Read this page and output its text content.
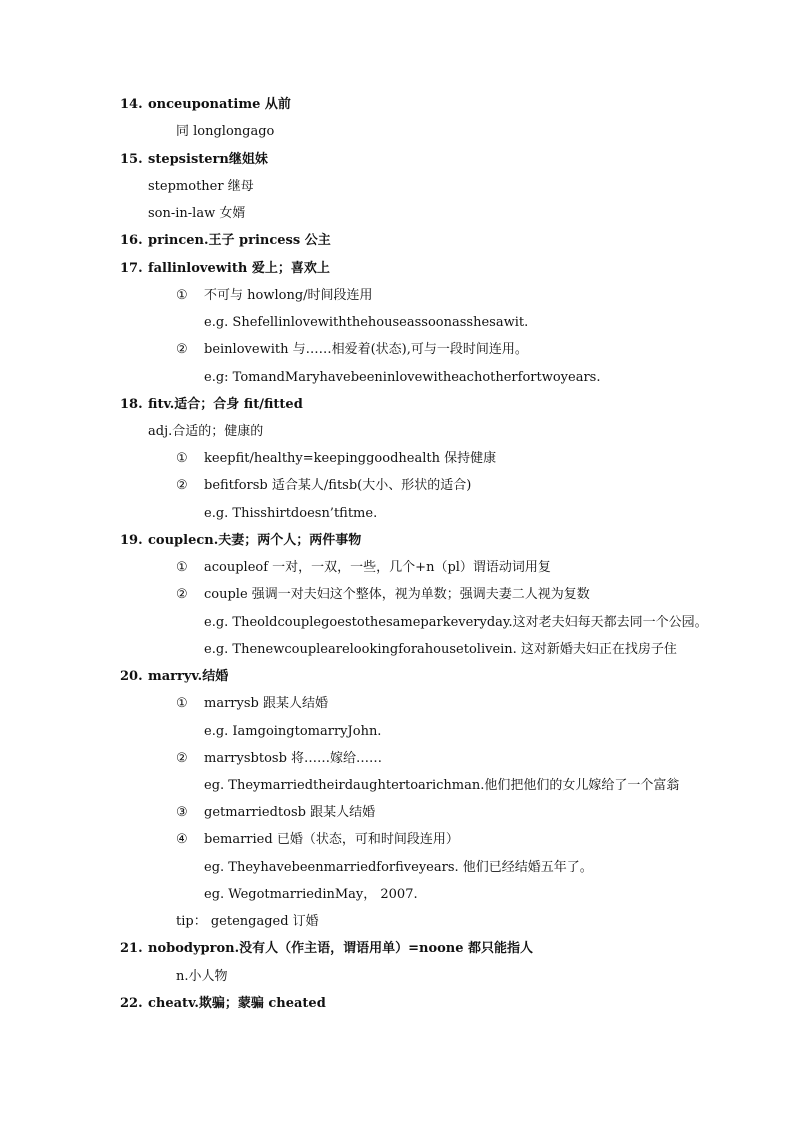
14. onceuponatime 从前
15. stepsistern继姐妹
16. princen.王子 princess 公主
17. fallinlovewith 爱上；喜欢上
18. fitv.适合；合身 fit/fitted
19. couplecn.夫妻；两个人；两件事物
20. marryv.结婚
21. nobodypron.没有人（作主语，谓语用单）=noone 都只能指人
22. cheatv.欺骗；蒙骗 cheated
同 longlongago
stepmother 继母
son-in-law 女婿
① 不可与 howlong/时间段连用
e.g. Shefellinlovewiththehouseassoonasshesawit.
② beinlovewith 与……相爱着(状态),可与一段时间连用。
e.g: TomandMaryhavebeeninlovewitheachotherfortwoyears.
adj.合适的；健康的
① keepfit/healthy=keepinggoodhealth 保持健康
② befitforsb 适合某人/fitsb(大小、形状的适合)
e.g. Thisshirtdoesn’tfitme.
① acoupleof 一对，一双，一些，几个+n（pl）谓语动词用复
② couple 强调一对夫妇这个整体，视为单数；强调夫妻二人视为复数
e.g. Theoldcouplegoestothesameparkeveryday.这对老夫妇每天都去同一个公园。
e.g. Thenewcouplearelookingforahousetolivein. 这对新婚夫妇正在找房子住
① marrysb 跟某人结婚
e.g. IamgoingtomarryJohn.
② marrysbtosb 将……嫁给……
eg. Theymarriedtheirdaughtertoarichman.他们把他们的女儿嫁给了一个富翁
③ getmarriedtosb 跟某人结婚
④ bemarried 已婚（状态，可和时间段连用）
eg. Theyhavebeenmarriedforfiveyears. 他们已经结婚五年了。
eg. WegotmarriedinMay， 2007.
tip： getengaged 订婚
n.小人物
